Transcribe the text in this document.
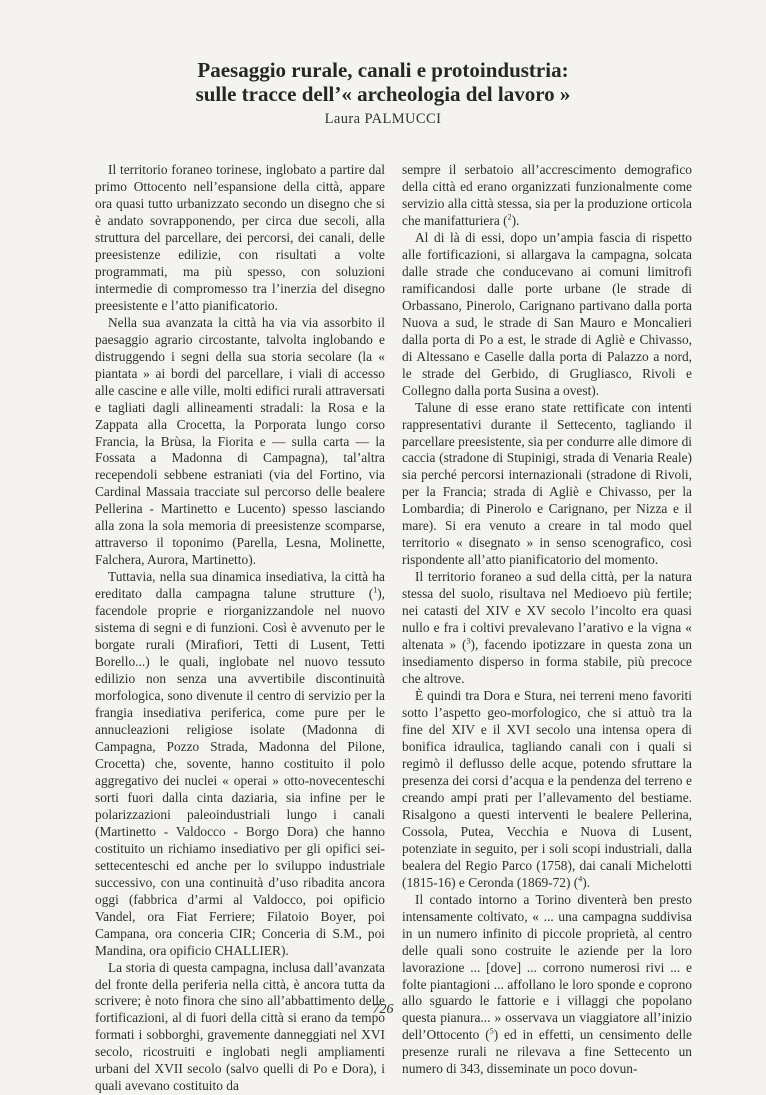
Paesaggio rurale, canali e protoindustria:
sulle tracce dell’« archeologia del lavoro »
Laura PALMUCCI

Il territorio foraneo torinese, inglobato a partire dal primo Ottocento nell’espansione della città, appare ora quasi tutto urbanizzato secondo un disegno che si è andato sovrapponendo, per circa due secoli, alla struttura del parcellare, dei percorsi, dei canali, delle preesistenze edilizie, con risultati a volte programmati, ma più spesso, con soluzioni intermedie di compromesso tra l’inerzia del disegno preesistente e l’atto pianificatorio.

Nella sua avanzata la città ha via via assorbito il paesaggio agrario circostante, talvolta inglobando e distruggendo i segni della sua storia secolare (la « piantata » ai bordi del parcellare, i viali di accesso alle cascine e alle ville, molti edifici rurali attraversati e tagliati dagli allineamenti stradali: la Rosa e la Zappata alla Crocetta, la Porporata lungo corso Francia, la Brùsa, la Fiorita e — sulla carta — la Fossata a Madonna di Campagna), tal’altra recependoli sebbene estraniati (via del Fortino, via Cardinal Massaia tracciate sul percorso delle bealere Pellerina - Martinetto e Lucento) spesso lasciando alla zona la sola memoria di preesistenze scomparse, attraverso il toponimo (Parella, Lesna, Molinette, Falchera, Aurora, Martinetto).

Tuttavia, nella sua dinamica insediativa, la città ha ereditato dalla campagna talune strutture ($^1$), facendole proprie e riorganizzandole nel nuovo sistema di segni e di funzioni. Così è avvenuto per le borgate rurali (Mirafiori, Tetti di Lusent, Tetti Borello...) le quali, inglobate nel nuovo tessuto edilizio non senza una avvertibile discontinuità morfologica, sono divenute il centro di servizio per la frangia insediativa periferica, come pure per le annucleazioni religiose isolate (Madonna di Campagna, Pozzo Strada, Madonna del Pilone, Crocetta) che, sovente, hanno costituito il polo aggregativo dei nuclei « operai » otto-novecenteschi sorti fuori dalla cinta daziaria, sia infine per le polarizzazioni paleoindustriali lungo i canali (Martinetto - Valdocco - Borgo Dora) che hanno costituito un richiamo insediativo per gli opifici sei-settecenteschi ed anche per lo sviluppo industriale successivo, con una continuità d’uso ribadita ancora oggi (fabbrica d’armi al Valdocco, poi opificio Vandel, ora Fiat Ferriere; Filatoio Boyer, poi Campana, ora conceria CIR; Conceria di S.M., poi Mandina, ora opificio CHALLIER).

La storia di questa campagna, inclusa dall’avanzata del fronte della periferia nella città, è ancora tutta da scrivere; è noto finora che sino all’abbattimento delle fortificazioni, al di fuori della città si erano da tempo formati i sobborghi, gravemente danneggiati nel XVI secolo, ricostruiti e inglobati negli ampliamenti urbani del XVII secolo (salvo quelli di Po e Dora), i quali avevano costituito da

sempre il serbatoio all’accrescimento demografico della città ed erano organizzati funzionalmente come servizio alla città stessa, sia per la produzione orticola che manifatturiera ($^2$).

Al di là di essi, dopo un’ampia fascia di rispetto alle fortificazioni, si allargava la campagna, solcata dalle strade che conducevano ai comuni limitrofi ramificandosi dalle porte urbane (le strade di Orbassano, Pinerolo, Carignano partivano dalla porta Nuova a sud, le strade di San Mauro e Moncalieri dalla porta di Po a est, le strade di Agliè e Chivasso, di Altessano e Caselle dalla porta di Palazzo a nord, le strade del Gerbido, di Grugliasco, Rivoli e Collegno dalla porta Susina a ovest).

Talune di esse erano state rettificate con intenti rappresentativi durante il Settecento, tagliando il parcellare preesistente, sia per condurre alle dimore di caccia (stradone di Stupinigi, strada di Venaria Reale) sia perché percorsi internazionali (stradone di Rivoli, per la Francia; strada di Agliè e Chivasso, per la Lombardia; di Pinerolo e Carignano, per Nizza e il mare). Si era venuto a creare in tal modo quel territorio « disegnato » in senso scenografico, così rispondente all’atto pianificatorio del momento.

Il territorio foraneo a sud della città, per la natura stessa del suolo, risultava nel Medioevo più fertile; nei catasti del XIV e XV secolo l’incolto era quasi nullo e fra i coltivi prevalevano l’arativo e la vigna « altenata » ($^3$), facendo ipotizzare in questa zona un insediamento disperso in forma stabile, più precoce che altrove.

È quindi tra Dora e Stura, nei terreni meno favoriti sotto l’aspetto geo-morfologico, che si attuò tra la fine del XIV e il XVI secolo una intensa opera di bonifica idraulica, tagliando canali con i quali si regimò il deflusso delle acque, potendo sfruttare la presenza dei corsi d’acqua e la pendenza del terreno e creando ampi prati per l’allevamento del bestiame. Risalgono a questi interventi le bealere Pellerina, Cossola, Putea, Vecchia e Nuova di Lusent, potenziate in seguito, per i soli scopi industriali, dalla bealera del Regio Parco (1758), dai canali Michelotti (1815-16) e Ceronda (1869-72) ($^4$).

Il contado intorno a Torino diventerà ben presto intensamente coltivato, « ... una campagna suddivisa in un numero infinito di piccole proprietà, al centro delle quali sono costruite le aziende per la loro lavorazione ... [dove] ... corrono numerosi rivi ... e folte piantagioni ... affollano le loro sponde e coprono allo sguardo le fattorie e i villaggi che popolano questa pianura... » osservava un viaggiatore all’inizio dell’Ottocento ($^5$) ed in effetti, un censimento delle presenze rurali ne rilevava a fine Settecento un numero di 343, disseminate un poco dovun-

726
